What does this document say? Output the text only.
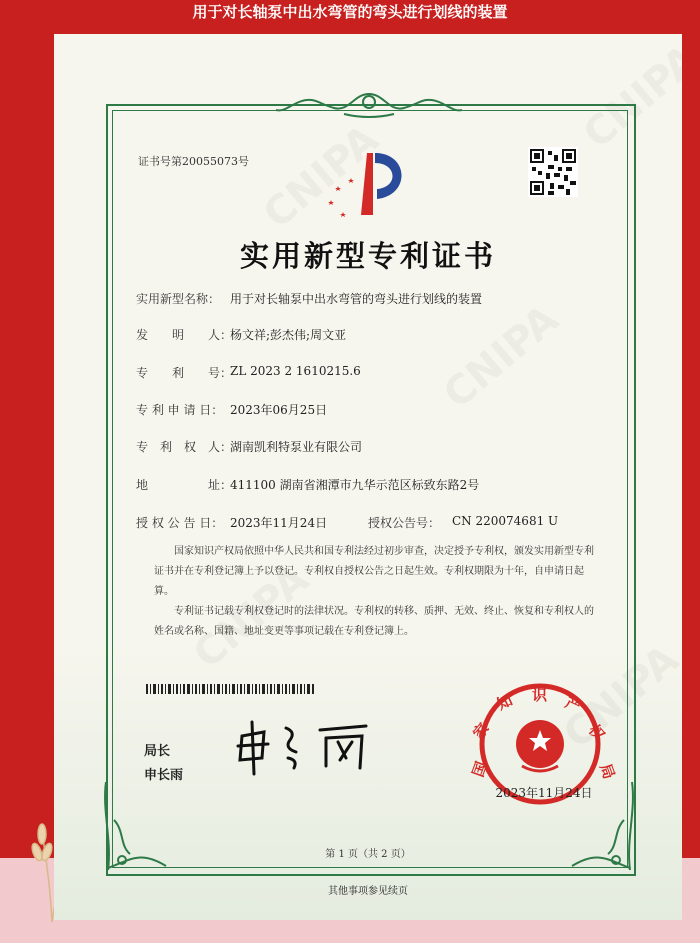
用于对长轴泵中出水弯管的弯头进行划线的装置
证书号第20055073号
实用新型专利证书
实用新型名称： 用于对长轴泵中出水弯管的弯头进行划线的装置
发　　明　　人：
杨文祥;彭杰伟;周文亚
专　　利　　号：
ZL 2023 2 1610215.6
专 利 申 请 日： 2023年06月25日
专　利　权　人：
湖南凯利特泵业有限公司
地　　　　　址：
411100 湖南省湘潭市九华示范区标致东路2号
授 权 公 告 日： 2023年11月24日	授权公告号： CN 220074681 U
国家知识产权局依照中华人民共和国专利法经过初步审查，决定授予专利权，颁发实用新型专利证书并在专利登记簿上予以登记。专利权自授权公告之日起生效。专利权期限为十年，自申请日起算。
专利证书记载专利权登记时的法律状况。专利权的转移、质押、无效、终止、恢复和专利权人的姓名或名称、国籍、地址变更等事项记载在专利登记簿上。
局长
申长雨	国
家
知 识 产
权
局
2023年11月24日
第 1 页（共 2 页）
其他事项参见续页
